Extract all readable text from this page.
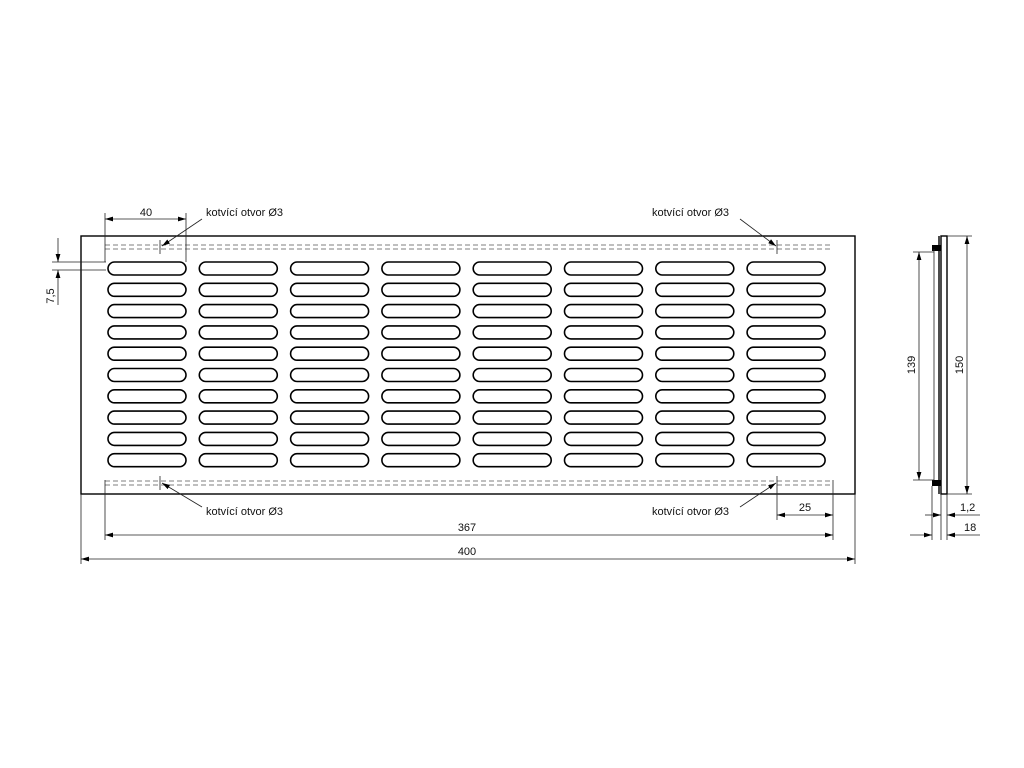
40	kotvící otvor Ø3	kotvící otvor Ø3
kotvící otvor Ø3	kotvící otvor Ø3
7,5
25
367
400
139	150
1,2
18
